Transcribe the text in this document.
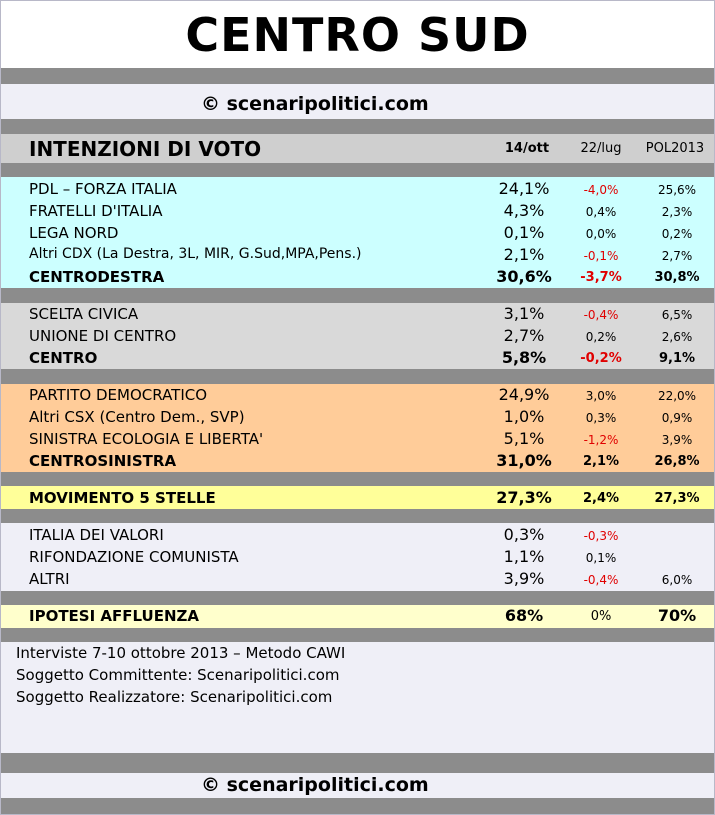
CENTRO SUD
© scenaripolitici.com
INTENZIONI DI VOTO	14/ott	22/lug	POL2013
PDL – FORZA ITALIA	24,1%	-4,0%	25,6%
FRATELLI D'ITALIA	4,3%	0,4%	2,3%
LEGA NORD	0,1%	0,0%	0,2%
Altri CDX (La Destra, 3L, MIR, G.Sud,MPA,Pens.)	2,1%	-0,1%	2,7%
CENTRODESTRA	30,6%	-3,7%	30,8%
SCELTA CIVICA	3,1%	-0,4%	6,5%
UNIONE DI CENTRO	2,7%	0,2%	2,6%
CENTRO	5,8%	-0,2%	9,1%
PARTITO DEMOCRATICO	24,9%	3,0%	22,0%
Altri CSX (Centro Dem., SVP)	1,0%	0,3%	0,9%
SINISTRA ECOLOGIA E LIBERTA'	5,1%	-1,2%	3,9%
CENTROSINISTRA	31,0%	2,1%	26,8%
MOVIMENTO 5 STELLE	27,3%	2,4%	27,3%
ITALIA DEI VALORI	0,3%	-0,3%
RIFONDAZIONE COMUNISTA	1,1%	0,1%
ALTRI	3,9%	-0,4%	6,0%
IPOTESI AFFLUENZA	68%	0%	70%
Interviste 7-10 ottobre 2013 – Metodo CAWI
Soggetto Committente: Scenaripolitici.com
Soggetto Realizzatore: Scenaripolitici.com
© scenaripolitici.com
